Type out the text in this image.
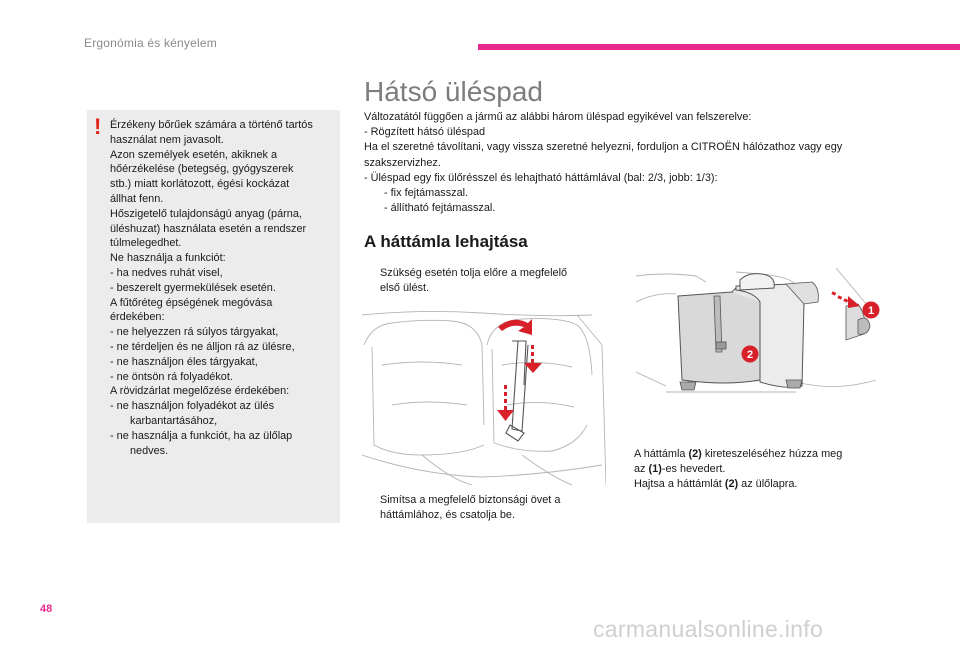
Ergonómia és kényelem
! Érzékeny bőrűek számára a történő tartós
használat nem javasolt.
Azon személyek esetén, akiknek a
hőérzékelése (betegség, gyógyszerek
stb.) miatt korlátozott, égési kockázat
állhat fenn.
Hőszigetelő tulajdonságú anyag (párna,
üléshuzat) használata esetén a rendszer
túlmelegedhet.
Ne használja a funkciót:
- ha nedves ruhát visel,
- beszerelt gyermekülések esetén.
A fűtőréteg épségének megóvása
érdekében:
- ne helyezzen rá súlyos tárgyakat,
- ne térdeljen és ne álljon rá az ülésre,
- ne használjon éles tárgyakat,
- ne öntsön rá folyadékot.
A rövidzárlat megelőzése érdekében:
- ne használjon folyadékot az ülés
karbantartásához,
- ne használja a funkciót, ha az ülőlap
nedves.
Hátsó üléspad
Változatától függően a jármű az alábbi három üléspad egyikével van felszerelve:
- Rögzített hátsó üléspad
Ha el szeretné távolítani, vagy vissza szeretné helyezni, forduljon a CITROËN hálózathoz vagy egy
szakszervizhez.
- Üléspad egy fix ülőrésszel és lehajtható háttámlával (bal: 2/3, jobb: 1/3):
- fix fejtámasszal.
- állítható fejtámasszal.
A háttámla lehajtása
Szükség esetén tolja előre a megfelelő
első ülést.
Simítsa a megfelelő biztonsági övet a
háttámlához, és csatolja be.
A háttámla (2) kireteszeléséhez húzza meg
az (1)-es hevedert.
Hajtsa a háttámlát (2) az ülőlapra.
1
2
48
carmanualsonline.info
